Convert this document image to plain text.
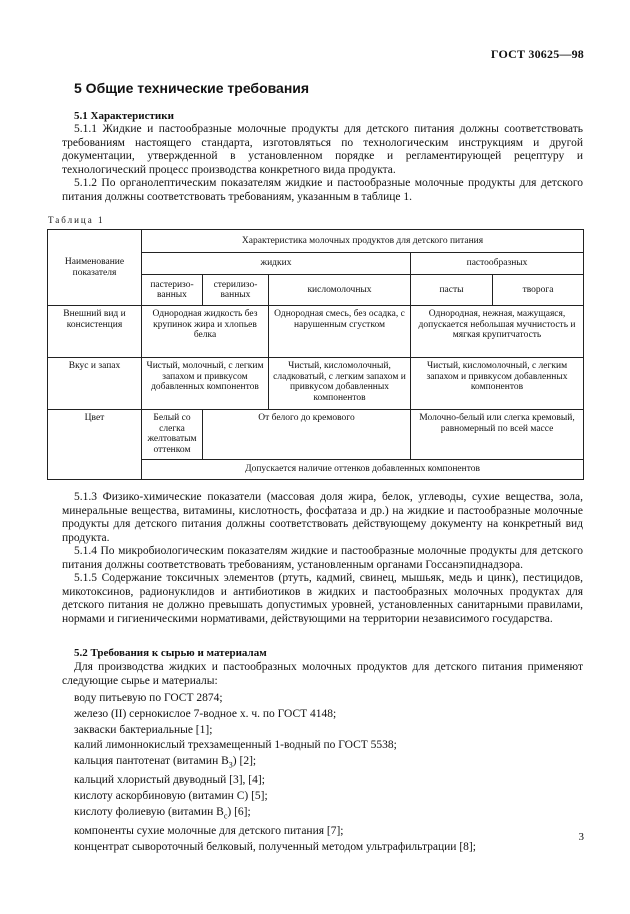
ГОСТ 30625—98
5 Общие технические требования
5.1 Характеристики

5.1.1 Жидкие и пастообразные молочные продукты для детского питания должны соответствовать требованиям настоящего стандарта, изготовляться по технологическим инструкциям и другой документации, утвержденной в установленном порядке и регламентирующей рецептуру и технологический процесс производства конкретного вида продукта.

5.1.2 По органолептическим показателям жидкие и пастообразные молочные продукты для детского питания должны соответствовать требованиям, указанным в таблице 1.

Таблица 1
Наименование показателя	Характеристика молочных продуктов для детского питания				
	жидких			пастообразных	
	пастеризо-ванных	стерилизо-ванных	кисломолочных	пасты	творога
Внешний вид и консистенция	Однородная жидкость без крупинок жира и хлопьев белка		Однородная смесь, без осадка, с нарушенным сгустком	Однородная, нежная, мажущаяся, допускается небольшая мучнистость и мягкая крупитчатость	
Вкус и запах	Чистый, молочный, с легким запахом и привкусом добавленных компонентов		Чистый, кисломолочный, сладковатый, с легким запахом и привкусом добавленных компонентов	Чистый, кисломолочный, с легким запахом и привкусом добавленных компонентов	
Цвет	Белый со слегка желтоватым оттенком	От белого до кремового		Молочно-белый или слегка кремовый, равномерный по всей массе	
	Допускается наличие оттенков добавленных компонентов				

5.1.3 Физико-химические показатели (массовая доля жира, белок, углеводы, сухие вещества, зола, минеральные вещества, витамины, кислотность, фосфатаза и др.) на жидкие и пастообразные молочные продукты для детского питания должны соответствовать действующему документу на конкретный вид продукта.

5.1.4 По микробиологическим показателям жидкие и пастообразные молочные продукты для детского питания должны соответствовать требованиям, установленным органами Госсанэпиднадзора.

5.1.5 Содержание токсичных элементов (ртуть, кадмий, свинец, мышьяк, медь и цинк), пестицидов, микотоксинов, радионуклидов и антибиотиков в жидких и пастообразных молочных продуктах для детского питания не должно превышать допустимых уровней, установленных санитарными правилами, нормами и гигиеническими нормативами, действующими на территории независимого государства.

5.2 Требования к сырью и материалам

Для производства жидких и пастообразных молочных продуктов для детского питания применяют следующие сырье и материалы:

воду питьевую по ГОСТ 2874;
железо (II) сернокислое 7-водное х. ч. по ГОСТ 4148;
закваски бактериальные [1];
калий лимоннокислый трехзамещенный 1-водный по ГОСТ 5538;
кальция пантотенат (витамин $В_3$) [2];
кальций хлористый двуводный [3], [4];
кислоту аскорбиновую (витамин С) [5];
кислоту фолиевую (витамин $В_с$) [6];
компоненты сухие молочные для детского питания [7];
концентрат сывороточный белковый, полученный методом ультрафильтрации [8];
3
